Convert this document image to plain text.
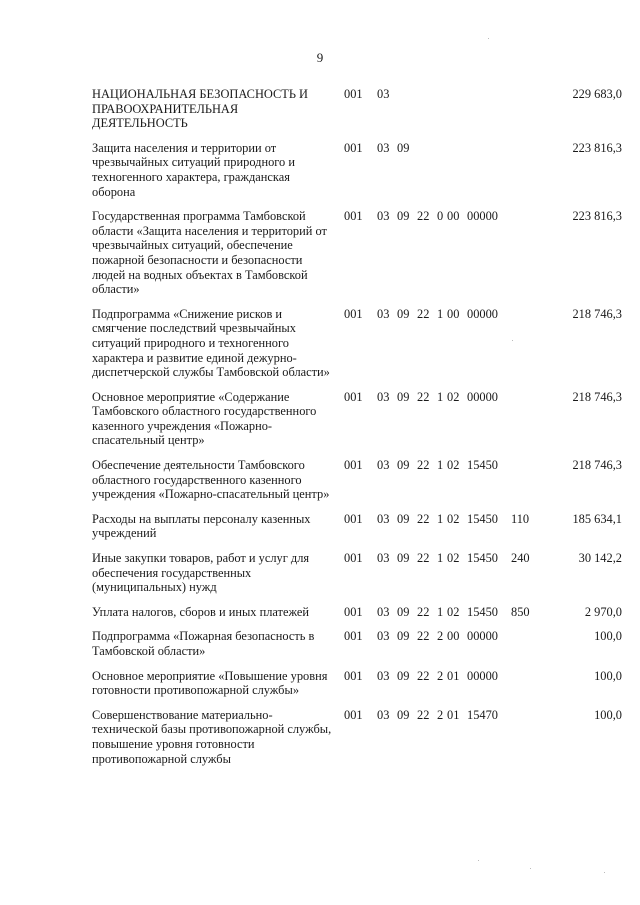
9
НАЦИОНАЛЬНАЯ БЕЗОПАСНОСТЬ И ПРАВООХРАНИТЕЛЬНАЯ ДЕЯТЕЛЬНОСТЬ		001	03							229 683,0
Защита населения и территории от чрезвычайных ситуаций природного и техногенного характера, гражданская оборона		001	03	09						223 816,3
Государственная программа Тамбовской области «Защита населения и территорий от чрезвычайных ситуаций, обеспечение пожарной безопасности и безопасности людей на водных объектах в Тамбовской области»		001	03	09	22	0	00	00000		223 816,3
Подпрограмма «Снижение рисков и смягчение последствий чрезвычайных ситуаций природного и техногенного характера и развитие единой дежурно-диспетчерской службы Тамбовской области»		001	03	09	22	1	00	00000		218 746,3
Основное мероприятие «Содержание Тамбовского областного государственного казенного учреждения «Пожарно-спасательный центр»		001	03	09	22	1	02	00000		218 746,3
Обеспечение деятельности Тамбовского областного государственного казенного учреждения «Пожарно-спасательный центр»		001	03	09	22	1	02	15450		218 746,3
Расходы на выплаты персоналу казенных учреждений		001	03	09	22	1	02	15450	110	185 634,1
Иные закупки товаров, работ и услуг для обеспечения государственных (муниципальных) нужд		001	03	09	22	1	02	15450	240	30 142,2
Уплата налогов, сборов и иных платежей		001	03	09	22	1	02	15450	850	2 970,0
Подпрограмма «Пожарная безопасность в Тамбовской области»		001	03	09	22	2	00	00000		100,0
Основное мероприятие «Повышение уровня готовности противопожарной службы»		001	03	09	22	2	01	00000		100,0
Совершенствование материально-технической базы противопожарной службы, повышение уровня готовности противопожарной службы		001	03	09	22	2	01	15470		100,0
